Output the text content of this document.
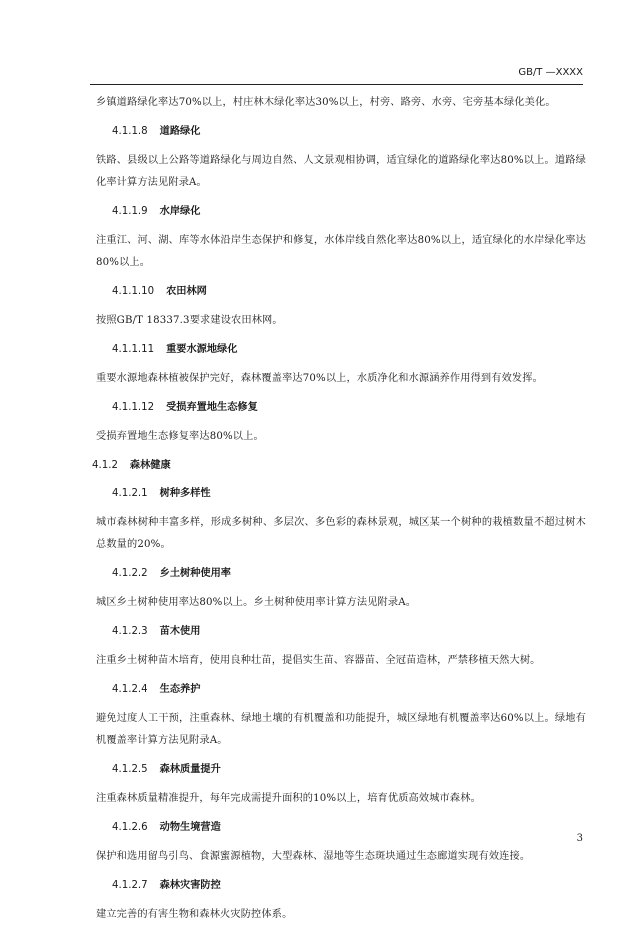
GB/T —XXXX
乡镇道路绿化率达70%以上，村庄林木绿化率达30%以上，村旁、路旁、水旁、宅旁基本绿化美化。
4.1.1.8 道路绿化
铁路、县级以上公路等道路绿化与周边自然、人文景观相协调，适宜绿化的道路绿化率达80%以上。道路绿化率计算方法见附录A。
4.1.1.9 水岸绿化
注重江、河、湖、库等水体沿岸生态保护和修复，水体岸线自然化率达80%以上，适宜绿化的水岸绿化率达80%以上。
4.1.1.10 农田林网
按照GB/T 18337.3要求建设农田林网。
4.1.1.11 重要水源地绿化
重要水源地森林植被保护完好，森林覆盖率达70%以上，水质净化和水源涵养作用得到有效发挥。
4.1.1.12 受损弃置地生态修复
受损弃置地生态修复率达80%以上。
4.1.2 森林健康
4.1.2.1 树种多样性
城市森林树种丰富多样，形成多树种、多层次、多色彩的森林景观，城区某一个树种的栽植数量不超过树木总数量的20%。
4.1.2.2 乡土树种使用率
城区乡土树种使用率达80%以上。乡土树种使用率计算方法见附录A。
4.1.2.3 苗木使用
注重乡土树种苗木培育，使用良种壮苗，提倡实生苗、容器苗、全冠苗造林，严禁移植天然大树。
4.1.2.4 生态养护
避免过度人工干预，注重森林、绿地土壤的有机覆盖和功能提升，城区绿地有机覆盖率达60%以上。绿地有机覆盖率计算方法见附录A。
4.1.2.5 森林质量提升
注重森林质量精准提升，每年完成需提升面积的10%以上，培育优质高效城市森林。
4.1.2.6 动物生境营造
保护和选用留鸟引鸟、食源蜜源植物，大型森林、湿地等生态斑块通过生态廊道实现有效连接。
4.1.2.7 森林灾害防控
建立完善的有害生物和森林火灾防控体系。
3
